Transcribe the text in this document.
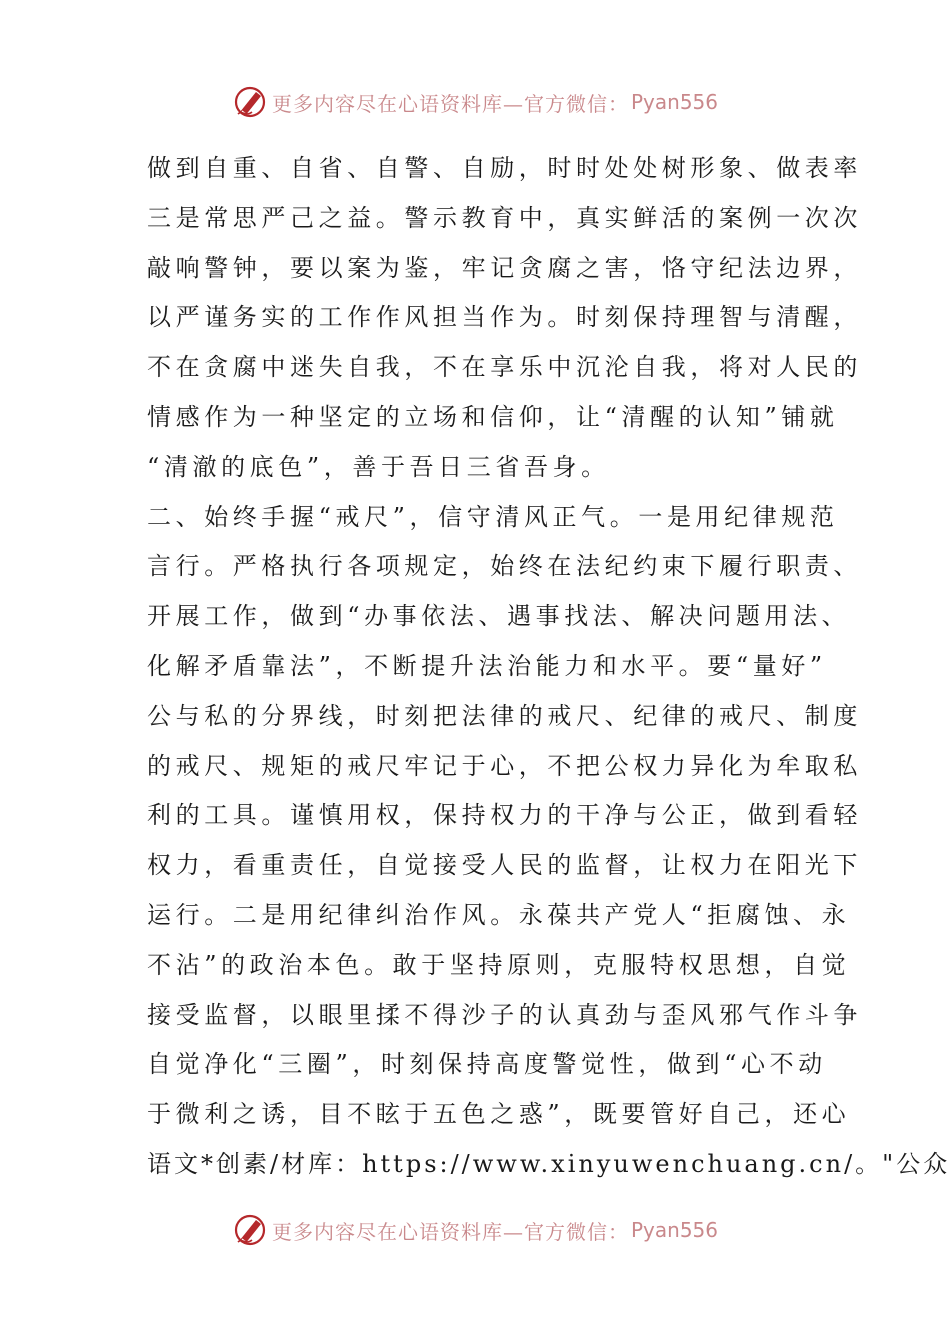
更多内容尽在心语资料库—官方微信： Pyan556
做到自重、自省、自警、自励，时时处处树形象、做表率
三是常思严己之益。警示教育中，真实鲜活的案例一次次
敲响警钟，要以案为鉴，牢记贪腐之害，恪守纪法边界，
以严谨务实的工作作风担当作为。时刻保持理智与清醒，
不在贪腐中迷失自我，不在享乐中沉沦自我，将对人民的
情感作为一种坚定的立场和信仰，让“清醒的认知”铺就
“清澈的底色”，善于吾日三省吾身。
二、始终手握“戒尺”，信守清风正气。一是用纪律规范
言行。严格执行各项规定，始终在法纪约束下履行职责、
开展工作，做到“办事依法、遇事找法、解决问题用法、
化解矛盾靠法”，不断提升法治能力和水平。要“量好”
公与私的分界线，时刻把法律的戒尺、纪律的戒尺、制度
的戒尺、规矩的戒尺牢记于心，不把公权力异化为牟取私
利的工具。谨慎用权，保持权力的干净与公正，做到看轻
权力，看重责任，自觉接受人民的监督，让权力在阳光下
运行。二是用纪律纠治作风。永葆共产党人“拒腐蚀、永
不沾”的政治本色。敢于坚持原则，克服特权思想，自觉
接受监督，以眼里揉不得沙子的认真劲与歪风邪气作斗争
自觉净化“三圈”，时刻保持高度警觉性，做到“心不动
于微利之诱，目不眩于五色之惑”，既要管好自己，还心
语文*创素/材库：https://www.xinyuwenchuang.cn/。"公众
更多内容尽在心语资料库—官方微信： Pyan556
